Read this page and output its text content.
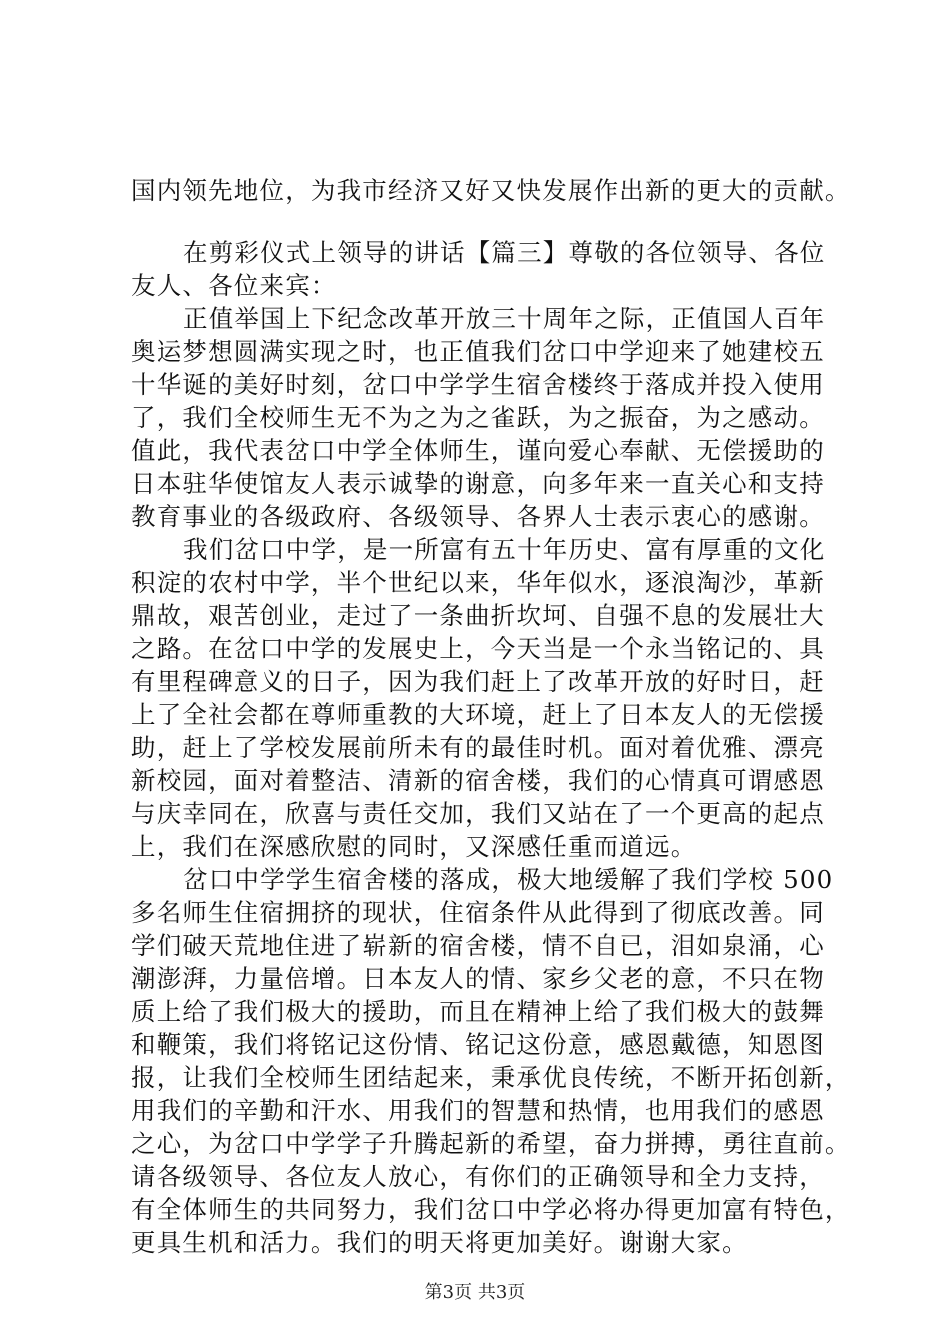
国内领先地位，为我市经济又好又快发展作出新的更大的贡献。
在剪彩仪式上领导的讲话【篇三】尊敬的各位领导、各位
友人、各位来宾：
正值举国上下纪念改革开放三十周年之际，正值国人百年
奥运梦想圆满实现之时，也正值我们岔口中学迎来了她建校五
十华诞的美好时刻，岔口中学学生宿舍楼终于落成并投入使用
了，我们全校师生无不为之为之雀跃，为之振奋，为之感动。
值此，我代表岔口中学全体师生，谨向爱心奉献、无偿援助的
日本驻华使馆友人表示诚挚的谢意，向多年来一直关心和支持
教育事业的各级政府、各级领导、各界人士表示衷心的感谢。
我们岔口中学，是一所富有五十年历史、富有厚重的文化
积淀的农村中学，半个世纪以来，华年似水，逐浪淘沙，革新
鼎故，艰苦创业，走过了一条曲折坎坷、自强不息的发展壮大
之路。在岔口中学的发展史上，今天当是一个永当铭记的、具
有里程碑意义的日子，因为我们赶上了改革开放的好时日，赶
上了全社会都在尊师重教的大环境，赶上了日本友人的无偿援
助，赶上了学校发展前所未有的最佳时机。面对着优雅、漂亮
新校园，面对着整洁、清新的宿舍楼，我们的心情真可谓感恩
与庆幸同在，欣喜与责任交加，我们又站在了一个更高的起点
上，我们在深感欣慰的同时，又深感任重而道远。
岔口中学学生宿舍楼的落成，极大地缓解了我们学校 500
多名师生住宿拥挤的现状，住宿条件从此得到了彻底改善。同
学们破天荒地住进了崭新的宿舍楼，情不自已，泪如泉涌，心
潮澎湃，力量倍增。日本友人的情、家乡父老的意，不只在物
质上给了我们极大的援助，而且在精神上给了我们极大的鼓舞
和鞭策，我们将铭记这份情、铭记这份意，感恩戴德，知恩图
报，让我们全校师生团结起来，秉承优良传统，不断开拓创新，
用我们的辛勤和汗水、用我们的智慧和热情，也用我们的感恩
之心，为岔口中学学子升腾起新的希望，奋力拼搏，勇往直前。
请各级领导、各位友人放心，有你们的正确领导和全力支持，
有全体师生的共同努力，我们岔口中学必将办得更加富有特色，
更具生机和活力。我们的明天将更加美好。谢谢大家。
第3页 共3页
